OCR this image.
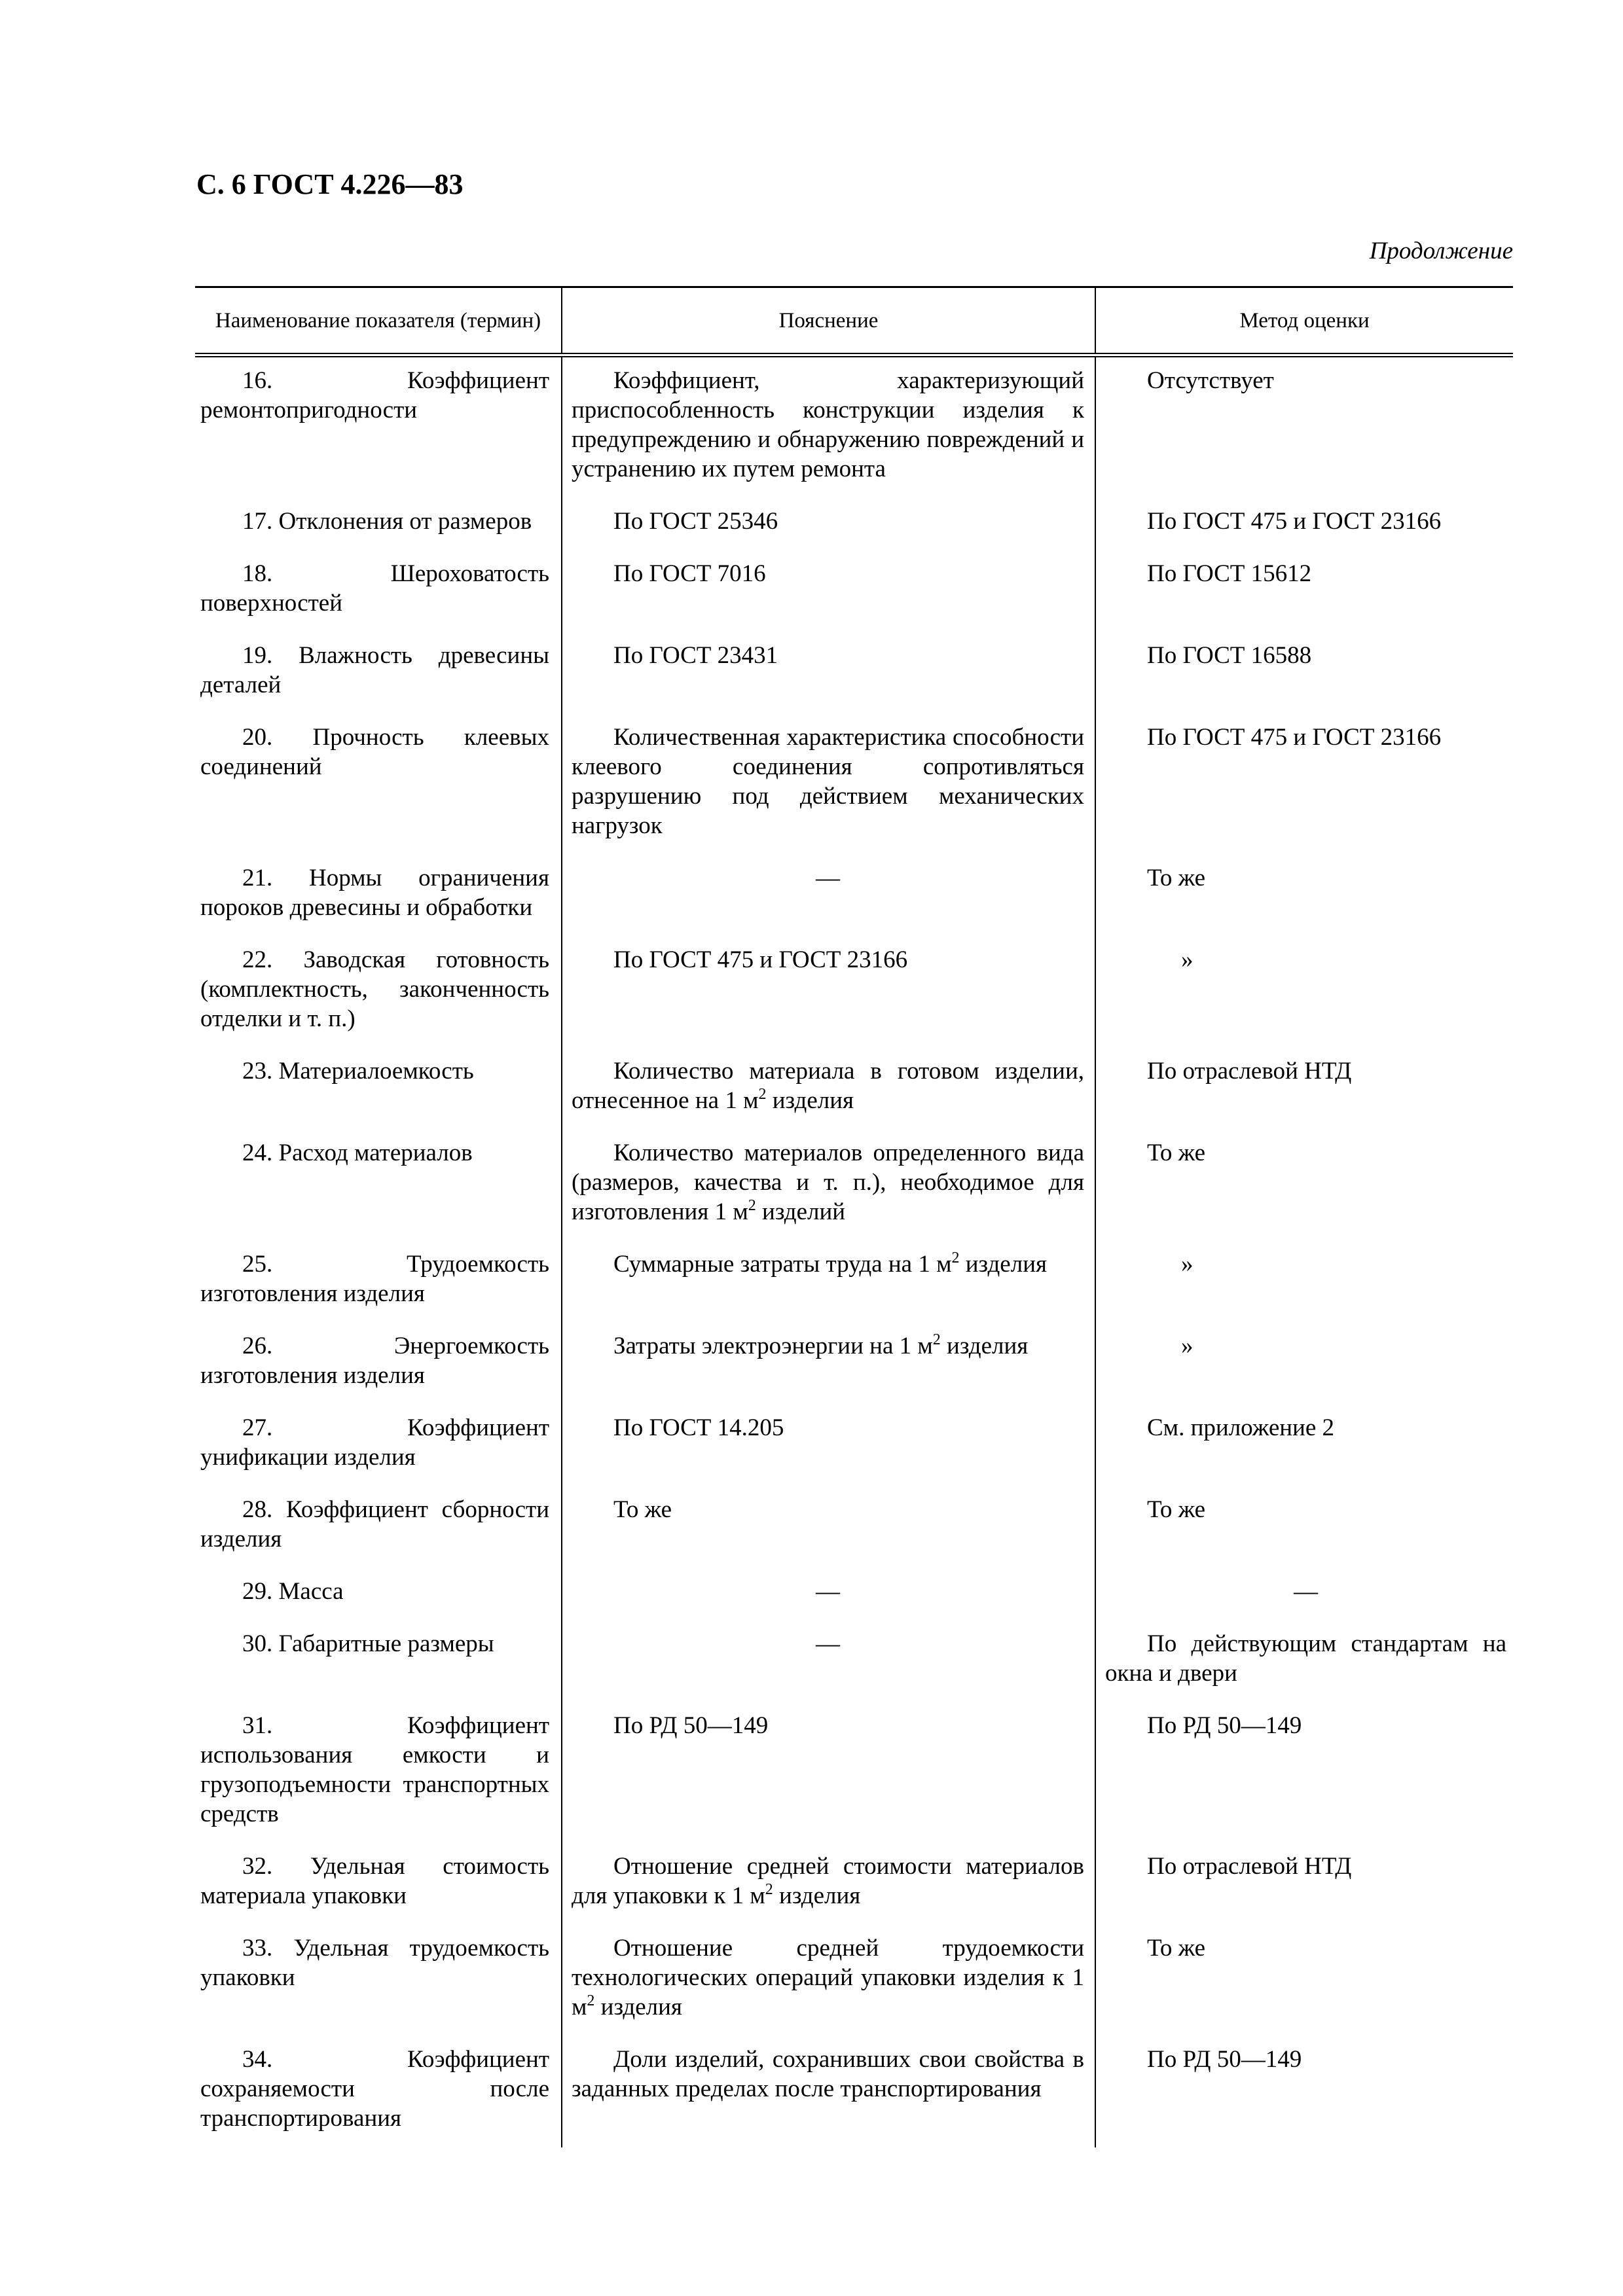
С. 6 ГОСТ 4.226—83
Продолжение
Наименование показателя (термин)	Пояснение	Метод оценки
16. Коэффициент ремонтопригодности	Коэффициент, характеризующий приспособленность конструкции изделия к предупреждению и обнаружению повреждений и устранению их путем ремонта	Отсутствует
17. Отклонения от размеров	По ГОСТ 25346	По ГОСТ 475 и ГОСТ 23166
18. Шероховатость поверхностей	По ГОСТ 7016	По ГОСТ 15612
19. Влажность древесины деталей	По ГОСТ 23431	По ГОСТ 16588
20. Прочность клеевых соединений	Количественная характеристика способности клеевого соединения сопротивляться разрушению под действием механических нагрузок	По ГОСТ 475 и ГОСТ 23166
21. Нормы ограничения пороков древесины и обработки	—	То же
22. Заводская готовность (комплектность, законченность отделки и т. п.)	По ГОСТ 475 и ГОСТ 23166	»
23. Материалоемкость	Количество материала в готовом изделии, отнесенное на 1 $м^2$ изделия	По отраслевой НТД
24. Расход материалов	Количество материалов определенного вида (размеров, качества и т. п.), необходимое для изготовления 1 $м^2$ изделий	То же
25. Трудоемкость изготовления изделия	Суммарные затраты труда на 1 $м^2$ изделия	»
26. Энергоемкость изготовления изделия	Затраты электроэнергии на 1 $м^2$ изделия	»
27. Коэффициент унификации изделия	По ГОСТ 14.205	См. приложение 2
28. Коэффициент сборности изделия	То же	То же
29. Масса	—	—
30. Габаритные размеры	—	По действующим стандартам на окна и двери
31. Коэффициент использования емкости и грузоподъемности транспортных средств	По РД 50—149	По РД 50—149
32. Удельная стоимость материала упаковки	Отношение средней стоимости материалов для упаковки к 1 $м^2$ изделия	По отраслевой НТД
33. Удельная трудоемкость упаковки	Отношение средней трудоемкости технологических операций упаковки изделия к 1 $м^2$ изделия	То же
34. Коэффициент сохраняемости после транспортирования	Доли изделий, сохранивших свои свойства в заданных пределах после транспортирования	По РД 50—149
